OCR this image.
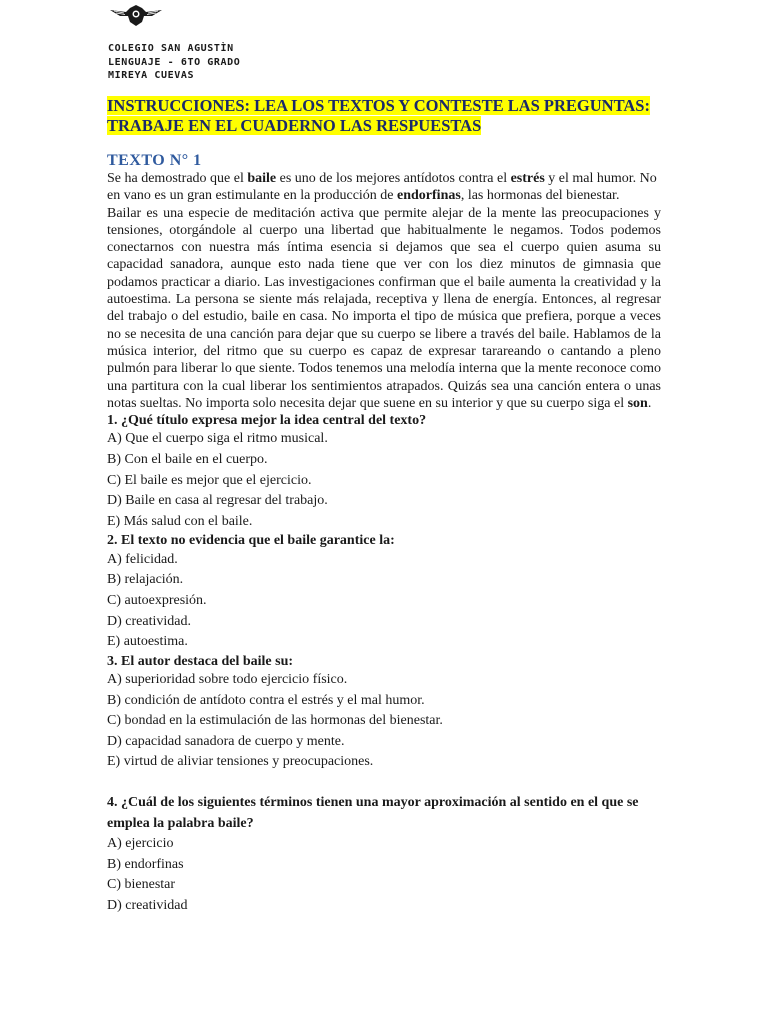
COLEGIO SAN AGUSTÌN
LENGUAJE - 6TO GRADO
MIREYA CUEVAS
INSTRUCCIONES: LEA LOS TEXTOS Y CONTESTE LAS PREGUNTAS:
TRABAJE EN EL CUADERNO LAS RESPUESTAS
TEXTO N° 1

Se ha demostrado que el baile es uno de los mejores antídotos contra el estrés y el mal humor. No en vano es un gran estimulante en la producción de endorfinas, las hormonas del bienestar.

Bailar es una especie de meditación activa que permite alejar de la mente las preocupaciones y tensiones, otorgándole al cuerpo una libertad que habitualmente le negamos. Todos podemos conectarnos con nuestra más íntima esencia si dejamos que sea el cuerpo quien asuma su capacidad sanadora, aunque esto nada tiene que ver con los diez minutos de gimnasia que podamos practicar a diario. Las investigaciones confirman que el baile aumenta la creatividad y la autoestima. La persona se siente más relajada, receptiva y llena de energía. Entonces, al regresar del trabajo o del estudio, baile en casa. No importa el tipo de música que prefiera, porque a veces no se necesita de una canción para dejar que su cuerpo se libere a través del baile. Hablamos de la música interior, del ritmo que su cuerpo es capaz de expresar tarareando o cantando a pleno pulmón para liberar lo que siente. Todos tenemos una melodía interna que la mente reconoce como una partitura con la cual liberar los sentimientos atrapados. Quizás sea una canción entera o unas notas sueltas. No importa solo necesita dejar que suene en su interior y que su cuerpo siga el son.

1. ¿Qué título expresa mejor la idea central del texto?

A) Que el cuerpo siga el ritmo musical.

B) Con el baile en el cuerpo.

C) El baile es mejor que el ejercicio.

D) Baile en casa al regresar del trabajo.

E) Más salud con el baile.

2. El texto no evidencia que el baile garantice la:

A) felicidad.

B) relajación.

C) autoexpresión.

D) creatividad.

E) autoestima.

3. El autor destaca del baile su:

A) superioridad sobre todo ejercicio físico.

B) condición de antídoto contra el estrés y el mal humor.

C) bondad en la estimulación de las hormonas del bienestar.

D) capacidad sanadora de cuerpo y mente.

E) virtud de aliviar tensiones y preocupaciones.

4. ¿Cuál de los siguientes términos tienen una mayor aproximación al sentido en el que se emplea la palabra baile?

A) ejercicio

B) endorfinas

C) bienestar

D) creatividad
